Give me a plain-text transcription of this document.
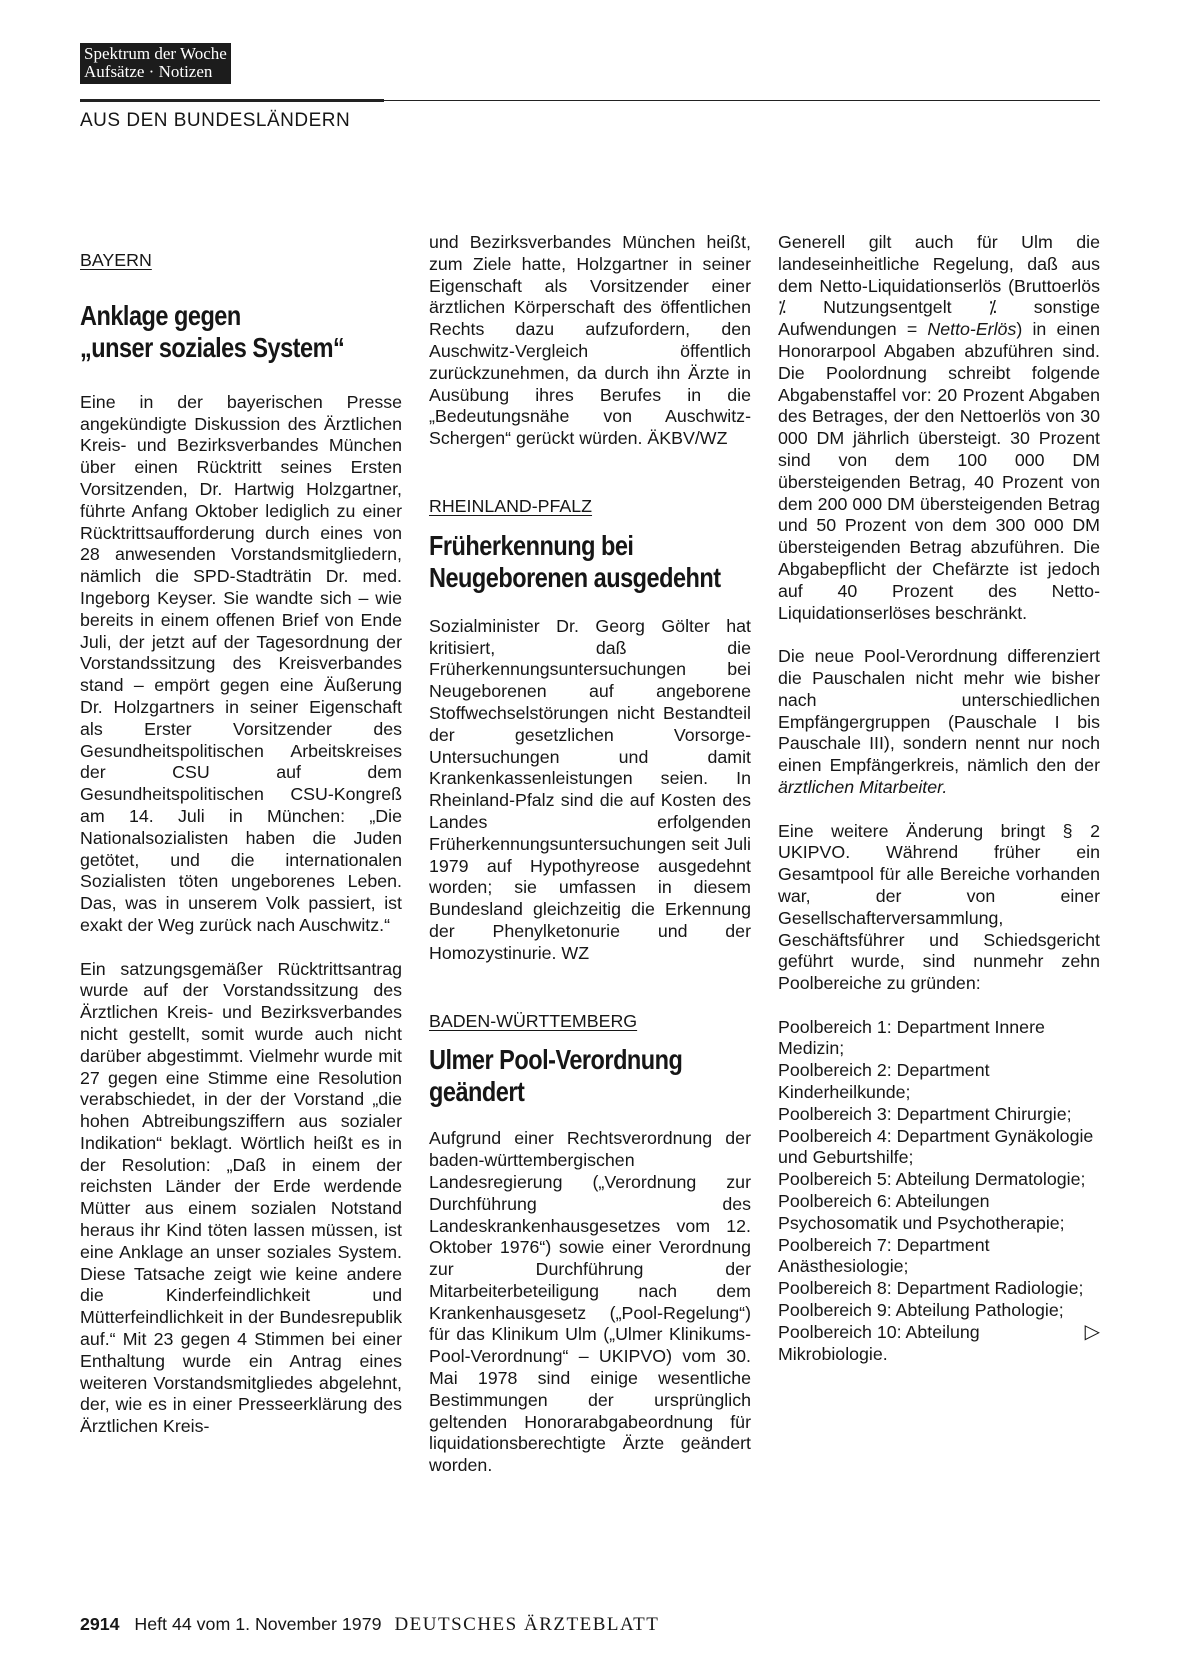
Spektrum der Woche
Aufsätze · Notizen
AUS DEN BUNDESLÄNDERN
BAYERN
Anklage gegen
„unser soziales System“

Eine in der bayerischen Presse angekündigte Diskussion des Ärztlichen Kreis- und Bezirksverbandes München über einen Rücktritt seines Ersten Vorsitzenden, Dr. Hartwig Holzgartner, führte Anfang Oktober lediglich zu einer Rücktrittsaufforderung durch eines von 28 anwesenden Vorstandsmitgliedern, nämlich die SPD-Stadträtin Dr. med. Ingeborg Keyser. Sie wandte sich – wie bereits in einem offenen Brief von Ende Juli, der jetzt auf der Tagesordnung der Vorstandssitzung des Kreisverbandes stand – empört gegen eine Äußerung Dr. Holzgartners in seiner Eigenschaft als Erster Vorsitzender des Gesundheitspolitischen Arbeitskreises der CSU auf dem Gesundheitspolitischen CSU-Kongreß am 14. Juli in München: „Die Nationalsozialisten haben die Juden getötet, und die internationalen Sozialisten töten ungeborenes Leben. Das, was in unserem Volk passiert, ist exakt der Weg zurück nach Auschwitz.“

Ein satzungsgemäßer Rücktrittsantrag wurde auf der Vorstandssitzung des Ärztlichen Kreis- und Bezirksverbandes nicht gestellt, somit wurde auch nicht darüber abgestimmt. Vielmehr wurde mit 27 gegen eine Stimme eine Resolution verabschiedet, in der der Vorstand „die hohen Abtreibungsziffern aus sozialer Indikation“ beklagt. Wörtlich heißt es in der Resolution: „Daß in einem der reichsten Länder der Erde werdende Mütter aus einem sozialen Notstand heraus ihr Kind töten lassen müssen, ist eine Anklage an unser soziales System. Diese Tatsache zeigt wie keine andere die Kinderfeindlichkeit und Mütterfeindlichkeit in der Bundesrepublik auf.“ Mit 23 gegen 4 Stimmen bei einer Enthaltung wurde ein Antrag eines weiteren Vorstandsmitgliedes abgelehnt, der, wie es in einer Presseerklärung des Ärztlichen Kreis-

und Bezirksverbandes München heißt, zum Ziele hatte, Holzgartner in seiner Eigenschaft als Vorsitzender einer ärztlichen Körperschaft des öffentlichen Rechts dazu aufzufordern, den Auschwitz-Vergleich öffentlich zurückzunehmen, da durch ihn Ärzte in Ausübung ihres Berufes in die „Bedeutungsnähe von Auschwitz-Schergen“ gerückt würden. ÄKBV/WZ

RHEINLAND-PFALZ
Früherkennung bei
Neugeborenen ausgedehnt

Sozialminister Dr. Georg Gölter hat kritisiert, daß die Früherkennungsuntersuchungen bei Neugeborenen auf angeborene Stoffwechselstörungen nicht Bestandteil der gesetzlichen Vorsorge-Untersuchungen und damit Krankenkassenleistungen seien. In Rheinland-Pfalz sind die auf Kosten des Landes erfolgenden Früherkennungsuntersuchungen seit Juli 1979 auf Hypothyreose ausgedehnt worden; sie umfassen in diesem Bundesland gleichzeitig die Erkennung der Phenylketonurie und der Homozystinurie. WZ

BADEN-WÜRTTEMBERG
Ulmer Pool-Verordnung
geändert

Aufgrund einer Rechtsverordnung der baden-württembergischen Landesregierung („Verordnung zur Durchführung des Landeskrankenhausgesetzes vom 12. Oktober 1976“) sowie einer Verordnung zur Durchführung der Mitarbeiterbeteiligung nach dem Krankenhausgesetz („Pool-Regelung“) für das Klinikum Ulm („Ulmer Klinikums-Pool-Verordnung“ – UKIPVO) vom 30. Mai 1978 sind einige wesentliche Bestimmungen der ursprünglich geltenden Honorarabgabeordnung für liquidationsberechtigte Ärzte geändert worden.

Generell gilt auch für Ulm die landeseinheitliche Regelung, daß aus dem Netto-Liquidationserlös (Bruttoerlös ⁒ Nutzungsentgelt ⁒ sonstige Aufwendungen = Netto-Erlös) in einen Honorarpool Abgaben abzuführen sind. Die Poolordnung schreibt folgende Abgabenstaffel vor: 20 Prozent Abgaben des Betrages, der den Nettoerlös von 30 000 DM jährlich übersteigt. 30 Prozent sind von dem 100 000 DM übersteigenden Betrag, 40 Prozent von dem 200 000 DM übersteigenden Betrag und 50 Prozent von dem 300 000 DM übersteigenden Betrag abzuführen. Die Abgabepflicht der Chefärzte ist jedoch auf 40 Prozent des Netto-Liquidationserlöses beschränkt.

Die neue Pool-Verordnung differenziert die Pauschalen nicht mehr wie bisher nach unterschiedlichen Empfängergruppen (Pauschale I bis Pauschale III), sondern nennt nur noch einen Empfängerkreis, nämlich den der ärztlichen Mitarbeiter.

Eine weitere Änderung bringt § 2 UKIPVO. Während früher ein Gesamtpool für alle Bereiche vorhanden war, der von einer Gesellschafterversammlung, Geschäftsführer und Schiedsgericht geführt wurde, sind nunmehr zehn Poolbereiche zu gründen:

Poolbereich 1: Department Innere Medizin;

Poolbereich 2: Department Kinderheilkunde;

Poolbereich 3: Department Chirurgie;

Poolbereich 4: Department Gynäkologie und Geburtshilfe;

Poolbereich 5: Abteilung Dermatologie;

Poolbereich 6: Abteilungen Psychosomatik und Psychotherapie;

Poolbereich 7: Department Anästhesiologie;

Poolbereich 8: Department Radiologie;

Poolbereich 9: Abteilung Pathologie;

▷
Poolbereich 10: Abteilung Mikrobiologie.

2914 Heft 44 vom 1. November 1979 DEUTSCHES ÄRZTEBLATT
